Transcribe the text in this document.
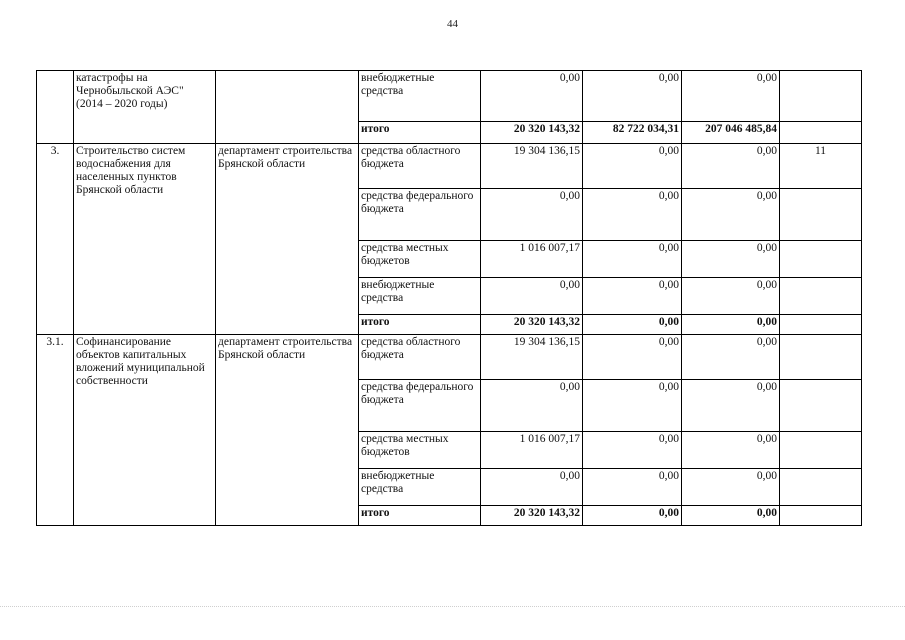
44
	катастрофы на Чернобыльской АЭС" (2014 – 2020 годы)		внебюджетные средства	0,00	0,00	0,00	
			итого	20 320 143,32	82 722 034,31	207 046 485,84	
3.	Строительство систем водоснабжения для населенных пунктов Брянской области	департамент строительства Брянской области	средства областного бюджета	19 304 136,15	0,00	0,00	11
			средства федерального бюджета	0,00	0,00	0,00	
			средства местных бюджетов	1 016 007,17	0,00	0,00	
			внебюджетные средства	0,00	0,00	0,00	
			итого	20 320 143,32	0,00	0,00	
3.1.	Софинансирование объектов капитальных вложений муниципальной собственности	департамент строительства Брянской области	средства областного бюджета	19 304 136,15	0,00	0,00	
			средства федерального бюджета	0,00	0,00	0,00	
			средства местных бюджетов	1 016 007,17	0,00	0,00	
			внебюджетные средства	0,00	0,00	0,00	
			итого	20 320 143,32	0,00	0,00	
